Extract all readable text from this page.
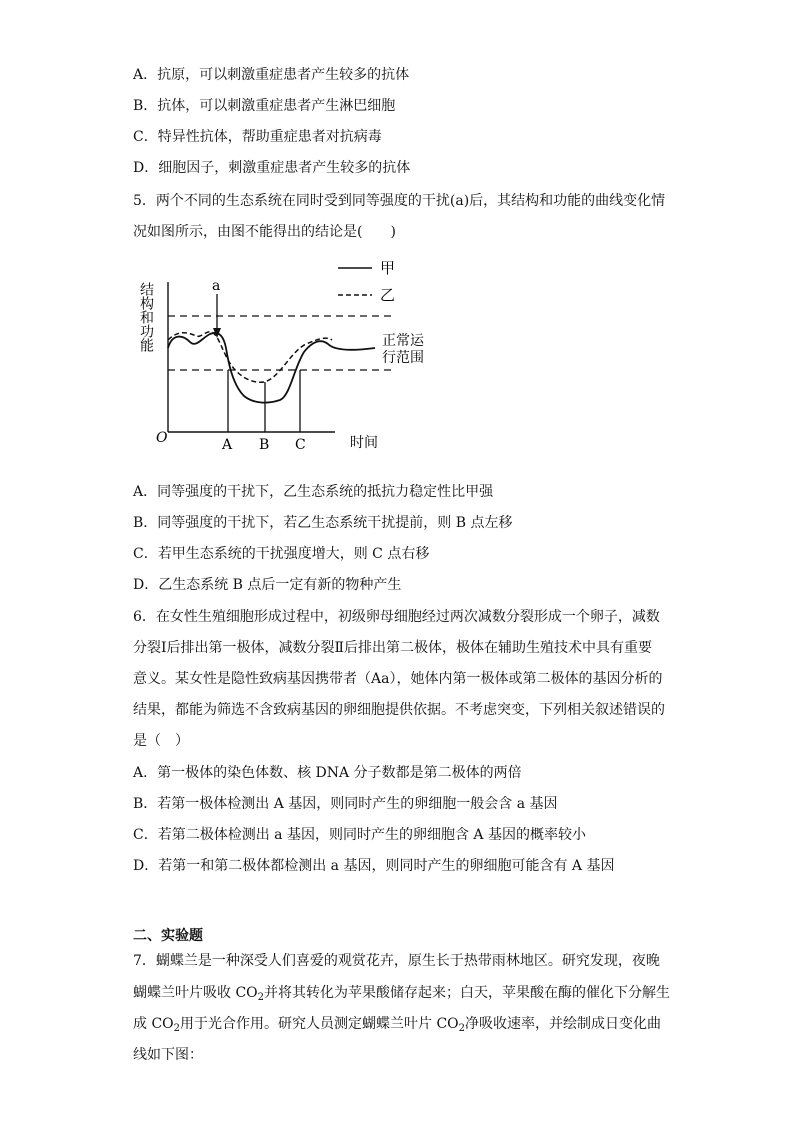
A．抗原，可以刺激重症患者产生较多的抗体
B．抗体，可以刺激重症患者产生淋巴细胞
C．特异性抗体，帮助重症患者对抗病毒
D．细胞因子，刺激重症患者产生较多的抗体
5．两个不同的生态系统在同时受到同等强度的干扰(a)后，其结构和功能的曲线变化情
况如图所示，由图不能得出的结论是(　　)
甲
乙
结构和功能
O	时间
正常运
行范围
a
A B C
A．同等强度的干扰下，乙生态系统的抵抗力稳定性比甲强
B．同等强度的干扰下，若乙生态系统干扰提前，则 B 点左移
C．若甲生态系统的干扰强度增大，则 C 点右移
D．乙生态系统 B 点后一定有新的物种产生
6．在女性生殖细胞形成过程中，初级卵母细胞经过两次减数分裂形成一个卵子，减数
分裂Ⅰ后排出第一极体，减数分裂Ⅱ后排出第二极体，极体在辅助生殖技术中具有重要
意义。某女性是隐性致病基因携带者（Aa），她体内第一极体或第二极体的基因分析的
结果，都能为筛选不含致病基因的卵细胞提供依据。不考虑突变，下列相关叙述错误的
是（　）
A．第一极体的染色体数、核 DNA 分子数都是第二极体的两倍
B．若第一极体检测出 A 基因，则同时产生的卵细胞一般会含 a 基因
C．若第二极体检测出 a 基因，则同时产生的卵细胞含 A 基因的概率较小
D．若第一和第二极体都检测出 a 基因，则同时产生的卵细胞可能含有 A 基因
二、实验题
7．蝴蝶兰是一种深受人们喜爱的观赏花卉，原生长于热带雨林地区。研究发现，夜晚
蝴蝶兰叶片吸收 $CO_2$并将其转化为苹果酸储存起来；白天，苹果酸在酶的催化下分解生
成 $CO_2$用于光合作用。研究人员测定蝴蝶兰叶片 $CO_2$净吸收速率，并绘制成日变化曲
线如下图：
